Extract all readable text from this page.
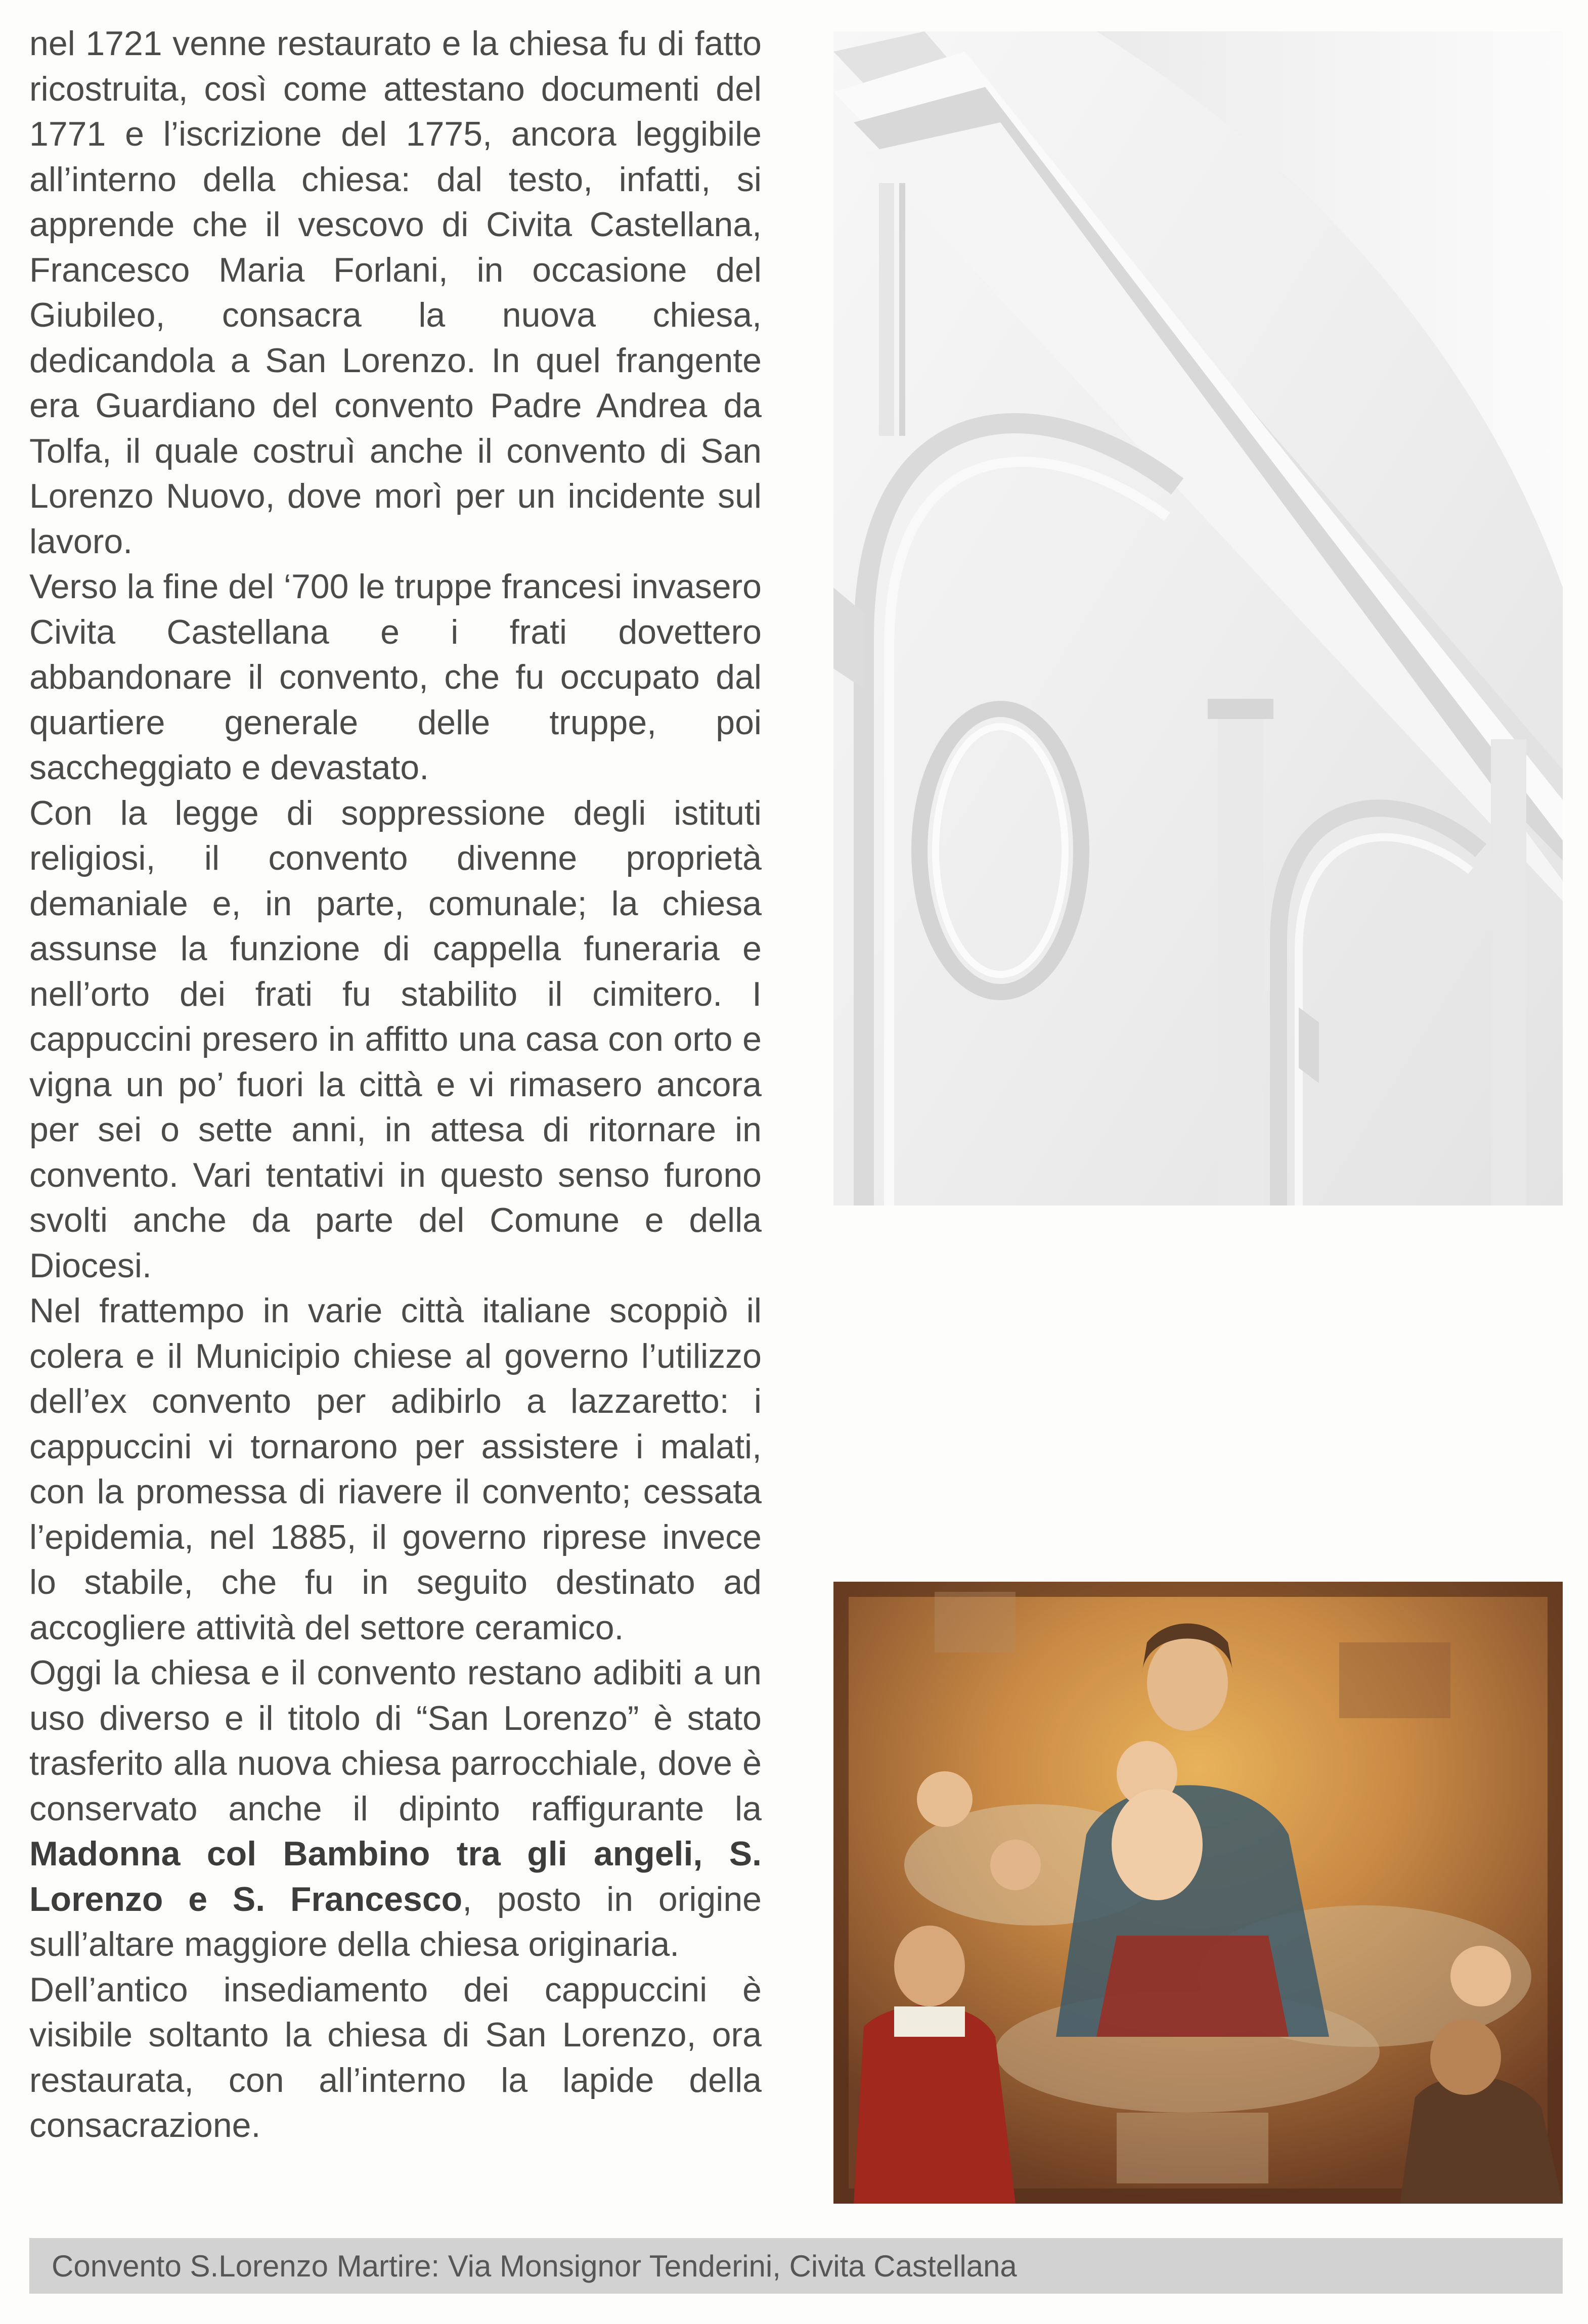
nel 1721 venne restaurato e la chiesa fu di fatto ricostruita, così come attestano documenti del 1771 e l’iscrizione del 1775, ancora leggibile all’interno della chiesa: dal testo, infatti, si apprende che il vescovo di Civita Castellana, Francesco Maria Forlani, in occasione del Giubileo, consacra la nuova chiesa, dedicandola a San Lorenzo. In quel frangente era Guardiano del convento Padre Andrea da Tolfa, il quale costruì anche il convento di San Lorenzo Nuovo, dove morì per un incidente sul lavoro.

Verso la fine del ‘700 le truppe francesi invasero Civita Castellana e i frati dovettero abbandonare il convento, che fu occupato dal quartiere generale delle truppe, poi saccheggiato e devastato.

Con la legge di soppressione degli istituti religiosi, il convento divenne proprietà demaniale e, in parte, comunale; la chiesa assunse la funzione di cappella funeraria e nell’orto dei frati fu stabilito il cimitero. I cappuccini presero in affitto una casa con orto e vigna un po’ fuori la città e vi rimasero ancora per sei o sette anni, in attesa di ritornare in convento. Vari tentativi in questo senso furono svolti anche da parte del Comune e della Diocesi.

Nel frattempo in varie città italiane scoppiò il colera e il Municipio chiese al governo l’utilizzo dell’ex convento per adibirlo a lazzaretto: i cappuccini vi tornarono per assistere i malati, con la promessa di riavere il convento; cessata l’epidemia, nel 1885, il governo riprese invece lo stabile, che fu in seguito destinato ad accogliere attività del settore ceramico.

Oggi la chiesa e il convento restano adibiti a un uso diverso e il titolo di “San Lorenzo” è stato trasferito alla nuova chiesa parrocchiale, dove è conservato anche il dipinto raffigurante la Madonna col Bambino tra gli angeli, S. Lorenzo e S. Francesco, posto in origine sull’altare maggiore della chiesa originaria.

Dell’antico insediamento dei cappuccini è visibile soltanto la chiesa di San Lorenzo, ora restaurata, con all’interno la lapide della consacrazione.

Convento S.Lorenzo Martire: Via Monsignor Tenderini, Civita Castellana
